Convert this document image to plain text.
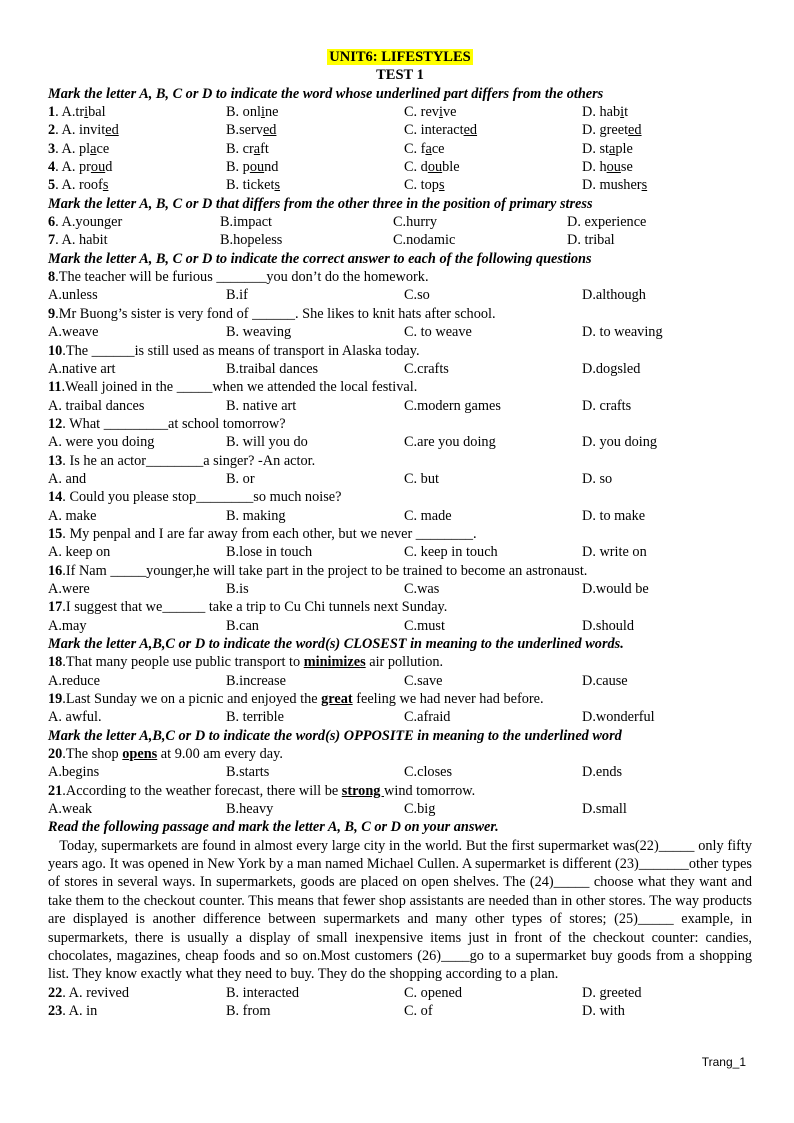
UNIT6: LIFESTYLES
TEST 1
Mark the letter A, B, C or D to indicate the word whose underlined part differs from the others
1. A.tribal	B. online	C. revive	D. habit
2. A. invited	B.served	C. interacted	D. greeted
3. A. place	B. craft	C. face	D. staple
4. A. proud	B. pound	C. double	D. house
5. A. roofs	B. tickets	C. tops	D. mushers
Mark the letter A, B, C or D that differs from the other three in the position of primary stress
6. A.younger	B.impact	C.hurry	D. experience
7. A. habit	B.hopeless	C.nodamic	D. tribal
Mark the letter A, B, C or D to indicate the correct answer to each of the following questions
8.The teacher will be furious _______you don’t do the homework.
A.unless	B.if	C.so	D.although
9.Mr Buong’s sister is very fond of ______. She likes to knit hats after school.
A.weave	B. weaving	C. to weave	D. to weaving
10.The ______is still used as means of transport in Alaska today.
A.native art	B.traibal dances	C.crafts	D.dogsled
11.Weall joined in the _____when we attended the local festival.
A. traibal dances	B. native art	C.modern games	D. crafts
12. What _________at school tomorrow?
A. were you doing	B. will you do	C.are you doing	D. you doing
13. Is he an actor________a singer? -An actor.
A. and	B. or	C. but	D. so
14. Could you please stop________so much noise?
A. make	B. making	C. made	D. to make
15. My penpal and I are far away from each other, but we never ________.
A. keep on	B.lose in touch	C. keep in touch	D. write on
16.If Nam _____younger,he will take part in the project to be trained to become an astronaust.
A.were	B.is	C.was	D.would be
17.I suggest that we______ take a trip to Cu Chi tunnels next Sunday.
A.may	B.can	C.must	D.should
Mark the letter A,B,C or D to indicate the word(s) CLOSEST in meaning to the underlined words.
18.That many people use public transport to minimizes air pollution.
A.reduce	B.increase	C.save	D.cause
19.Last Sunday we on a picnic and enjoyed the great feeling we had never had before.
A. awful.	B. terrible	C.afraid	D.wonderful
Mark the letter A,B,C or D to indicate the word(s) OPPOSITE in meaning to the underlined word
20.The shop opens at 9.00 am every day.
A.begins	B.starts	C.closes	D.ends
21.According to the weather forecast, there will be strong wind tomorrow.
A.weak	B.heavy	C.big	D.small
Read the following passage and mark the letter A, B, C or D on your answer.
Today, supermarkets are found in almost every large city in the world. But the first supermarket was(22)_____ only fifty years ago. It was opened in New York by a man named Michael Cullen. A supermarket is different (23)_______other types of stores in several ways. In supermarkets, goods are placed on open shelves. The (24)_____ choose what they want and take them to the checkout counter. This means that fewer shop assistants are needed than in other stores. The way products are displayed is another difference between supermarkets and many other types of stores; (25)_____ example, in supermarkets, there is usually a display of small inexpensive items just in front of the checkout counter: candies, chocolates, magazines, cheap foods and so on.Most customers (26)____go to a supermarket buy goods from a shopping list. They know exactly what they need to buy. They do the shopping according to a plan.
22. A. revived	B. interacted	C. opened	D. greeted
23. A. in	B. from	C. of	D. with
Trang_1
